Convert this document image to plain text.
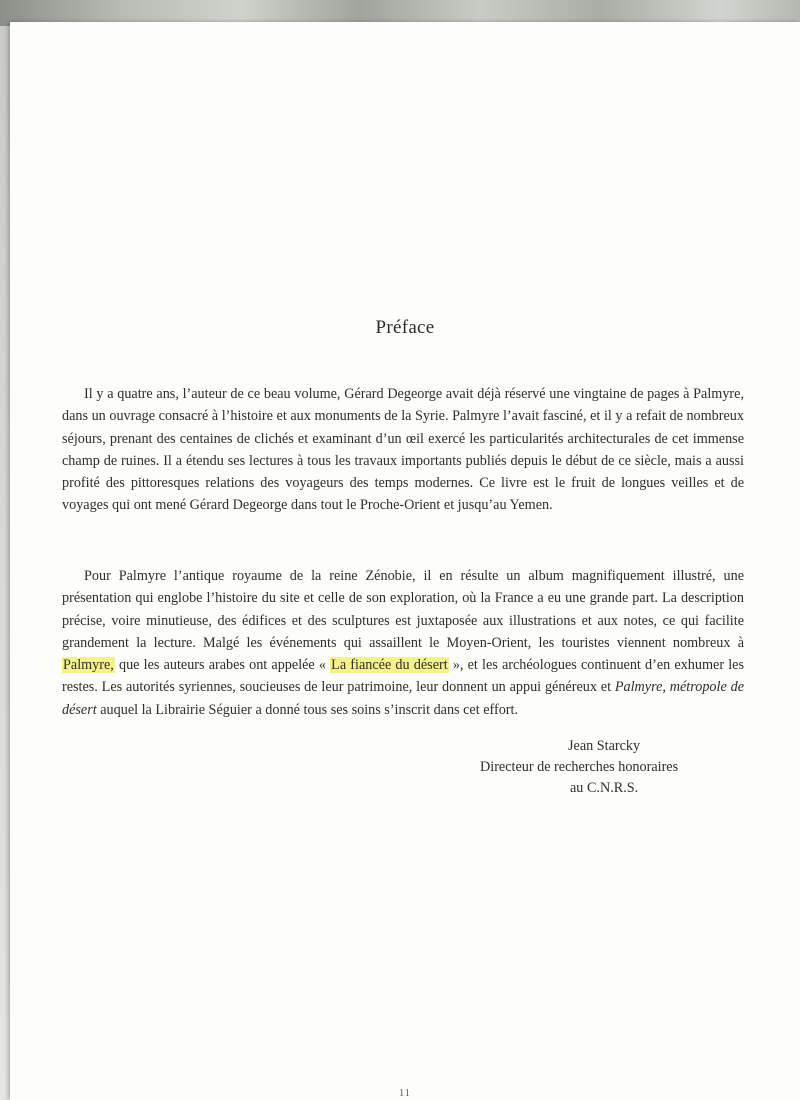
Préface

Il y a quatre ans, l’auteur de ce beau volume, Gérard Degeorge avait déjà réservé une vingtaine de pages à Palmyre, dans un ouvrage consacré à l’histoire et aux monuments de la Syrie. Palmyre l’avait fasciné, et il y a refait de nombreux séjours, prenant des centaines de clichés et examinant d’un œil exercé les particularités architecturales de cet immense champ de ruines. Il a étendu ses lectures à tous les travaux importants publiés depuis le début de ce siècle, mais a aussi profité des pittoresques relations des voyageurs des temps modernes. Ce livre est le fruit de longues veilles et de voyages qui ont mené Gérard Degeorge dans tout le Proche-Orient et jusqu’au Yemen.

Pour Palmyre l’antique royaume de la reine Zénobie, il en résulte un album magnifiquement illustré, une présentation qui englobe l’histoire du site et celle de son exploration, où la France a eu une grande part. La description précise, voire minutieuse, des édifices et des sculptures est juxtaposée aux illustrations et aux notes, ce qui facilite grandement la lecture. Malgé les événements qui assaillent le Moyen-Orient, les touristes viennent nombreux à Palmyre, que les auteurs arabes ont appelée « La fiancée du désert », et les archéologues continuent d’en exhumer les restes. Les autorités syriennes, soucieuses de leur patrimoine, leur donnent un appui généreux et Palmyre, métropole de désert auquel la Librairie Séguier a donné tous ses soins s’inscrit dans cet effort.

Jean Starcky
Directeur de recherches honoraires
au C.N.R.S.
11
